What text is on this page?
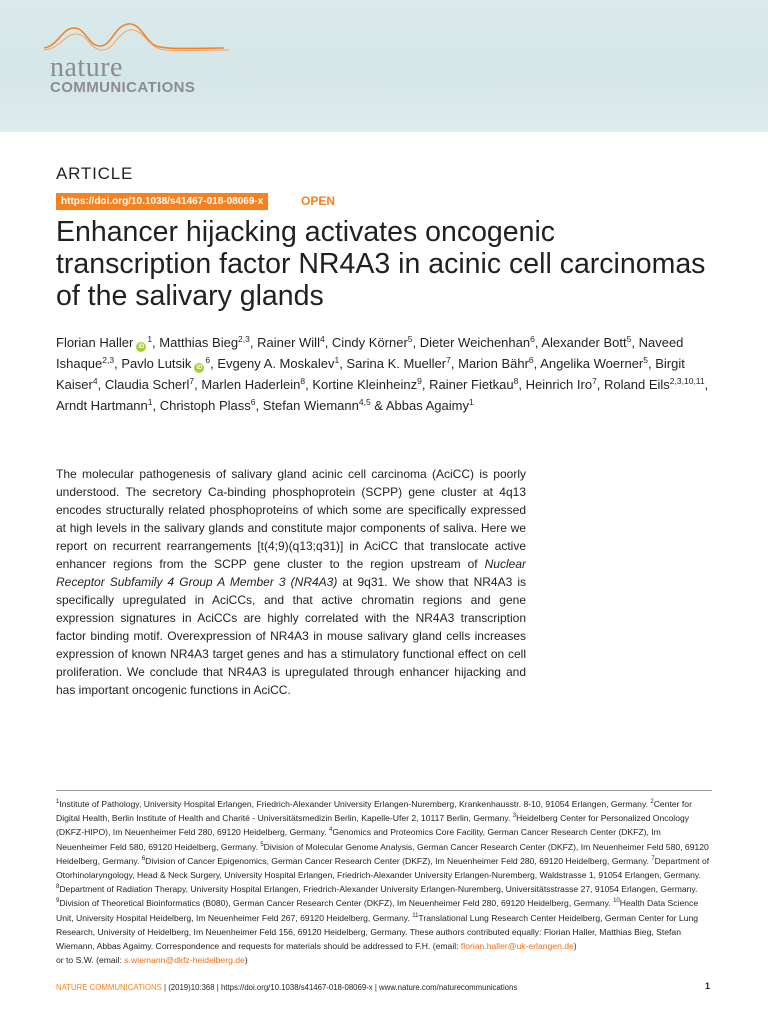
nature
COMMUNICATIONS
ARTICLE
https://doi.org/10.1038/s41467-018-08069-x	OPEN
Enhancer hijacking activates oncogenic transcription factor NR4A3 in acinic cell carcinomas of the salivary glands
Florian Haller $iD^1$, Matthias Bieg$^{2,3}$, Rainer Will$^4$, Cindy Körner$^5$, Dieter Weichenhan$^6$, Alexander Bott$^5$, Naveed Ishaque$^{2,3}$, Pavlo Lutsik $iD^6$, Evgeny A. Moskalev$^1$, Sarina K. Mueller$^7$, Marion Bähr$^6$, Angelika Woerner$^5$, Birgit Kaiser$^4$, Claudia Scherl$^7$, Marlen Haderlein$^8$, Kortine Kleinheinz$^9$, Rainer Fietkau$^8$, Heinrich Iro$^7$, Roland Eils$^{2,3,10,11}$, Arndt Hartmann$^1$, Christoph Plass$^6$, Stefan Wiemann$^{4,5}$ & Abbas Agaimy$^1$
The molecular pathogenesis of salivary gland acinic cell carcinoma (AciCC) is poorly understood. The secretory Ca-binding phosphoprotein (SCPP) gene cluster at 4q13 encodes structurally related phosphoproteins of which some are specifically expressed at high levels in the salivary glands and constitute major components of saliva. Here we report on recurrent rearrangements [t(4;9)(q13;q31)] in AciCC that translocate active enhancer regions from the SCPP gene cluster to the region upstream of Nuclear Receptor Subfamily 4 Group A Member 3 (NR4A3) at 9q31. We show that NR4A3 is specifically upregulated in AciCCs, and that active chromatin regions and gene expression signatures in AciCCs are highly correlated with the NR4A3 transcription factor binding motif. Overexpression of NR4A3 in mouse salivary gland cells increases expression of known NR4A3 target genes and has a stimulatory functional effect on cell proliferation. We conclude that NR4A3 is upregulated through enhancer hijacking and has important oncogenic functions in AciCC.
$^1$Institute of Pathology, University Hospital Erlangen, Friedrich-Alexander University Erlangen-Nuremberg, Krankenhausstr. 8-10, 91054 Erlangen, Germany. $^2$Center for Digital Health, Berlin Institute of Health and Charité - Universitätsmedizin Berlin, Kapelle-Ufer 2, 10117 Berlin, Germany. $^3$Heidelberg Center for Personalized Oncology (DKFZ-HIPO), Im Neuenheimer Feld 280, 69120 Heidelberg, Germany. $^4$Genomics and Proteomics Core Facility, German Cancer Research Center (DKFZ), Im Neuenheimer Feld 580, 69120 Heidelberg, Germany. $^5$Division of Molecular Genome Analysis, German Cancer Research Center (DKFZ), Im Neuenheimer Feld 580, 69120 Heidelberg, Germany. $^6$Division of Cancer Epigenomics, German Cancer Research Center (DKFZ), Im Neuenheimer Feld 280, 69120 Heidelberg, Germany. $^7$Department of Otorhinolaryngology, Head & Neck Surgery, University Hospital Erlangen, Friedrich-Alexander University Erlangen-Nuremberg, Waldstrasse 1, 91054 Erlangen, Germany. $^8$Department of Radiation Therapy, University Hospital Erlangen, Friedrich-Alexander University Erlangen-Nuremberg, Universitätsstrasse 27, 91054 Erlangen, Germany. $^9$Division of Theoretical Bioinformatics (B080), German Cancer Research Center (DKFZ), Im Neuenheimer Feld 280, 69120 Heidelberg, Germany. $^{10}$Health Data Science Unit, University Hospital Heidelberg, Im Neuenheimer Feld 267, 69120 Heidelberg, Germany. $^{11}$Translational Lung Research Center Heidelberg, German Center for Lung Research, University of Heidelberg, Im Neuenheimer Feld 156, 69120 Heidelberg, Germany. These authors contributed equally: Florian Haller, Matthias Bieg, Stefan Wiemann, Abbas Agaimy. Correspondence and requests for materials should be addressed to F.H. (email: florian.haller@uk-erlangen.de)
or to S.W. (email: s.wiemann@dkfz-heidelberg.de)
NATURE COMMUNICATIONS | (2019)10:368 | https://doi.org/10.1038/s41467-018-08069-x | www.nature.com/naturecommunications	1
